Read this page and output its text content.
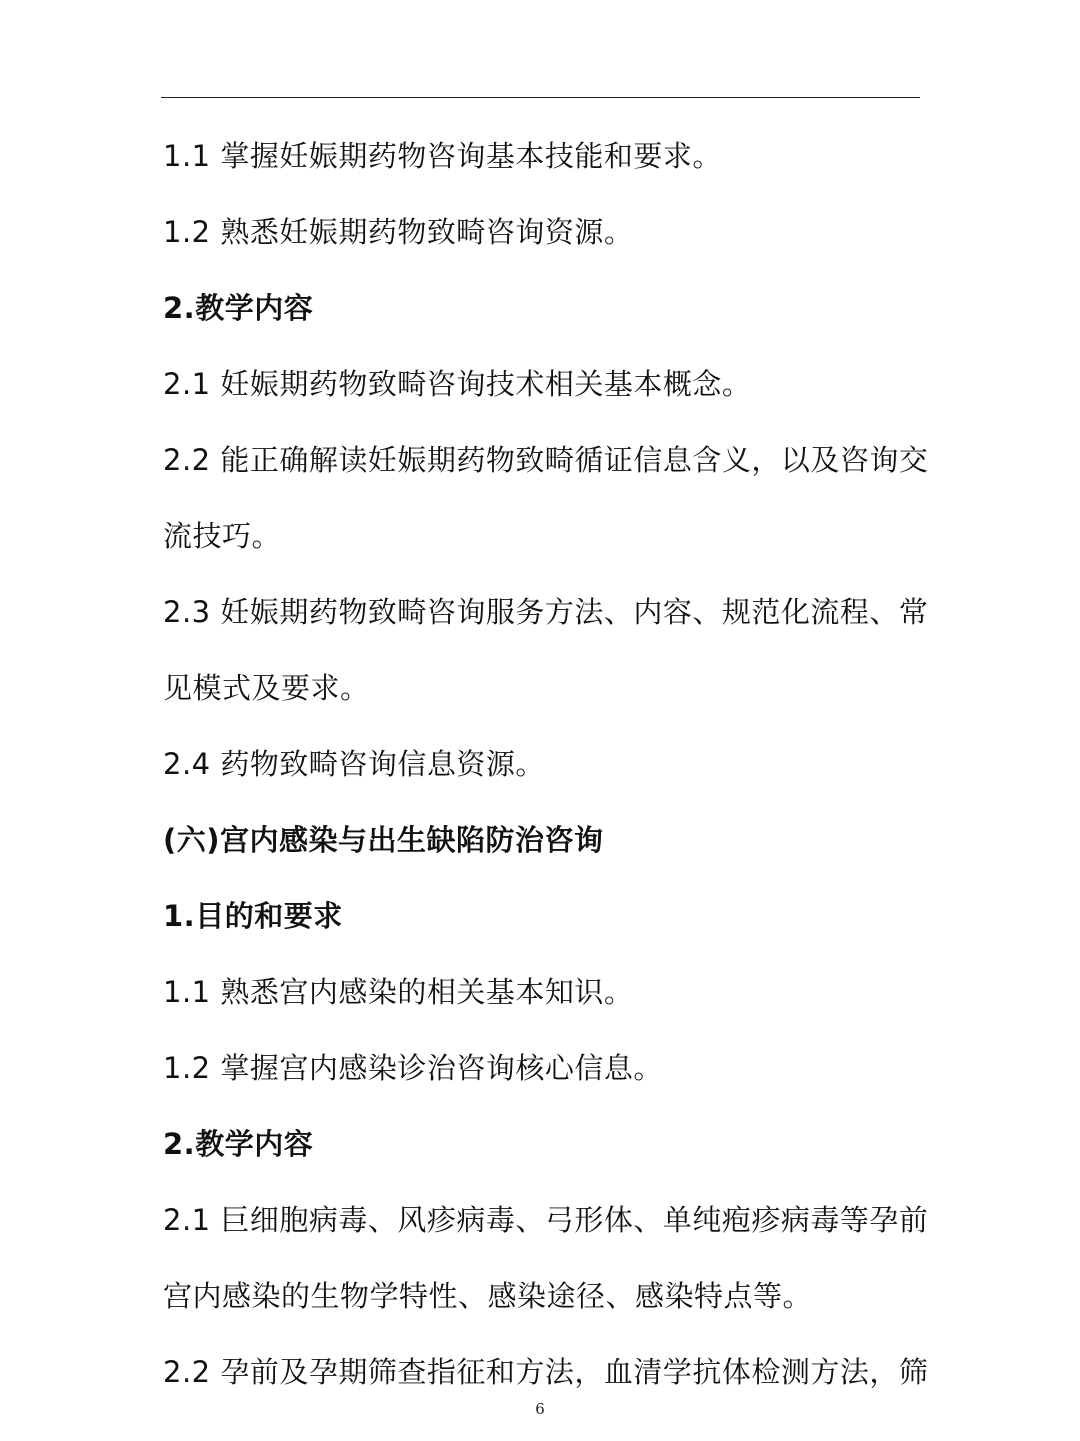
1.1 掌握妊娠期药物咨询基本技能和要求。
1.2 熟悉妊娠期药物致畸咨询资源。
2.教学内容
2.1 妊娠期药物致畸咨询技术相关基本概念。
2.2 能正确解读妊娠期药物致畸循证信息含义，以及咨询交
流技巧。
2.3 妊娠期药物致畸咨询服务方法、内容、规范化流程、常
见模式及要求。
2.4 药物致畸咨询信息资源。
(六)宫内感染与出生缺陷防治咨询
1.目的和要求
1.1 熟悉宫内感染的相关基本知识。
1.2 掌握宫内感染诊治咨询核心信息。
2.教学内容
2.1 巨细胞病毒、风疹病毒、弓形体、单纯疱疹病毒等孕前
宫内感染的生物学特性、感染途径、感染特点等。
2.2 孕前及孕期筛查指征和方法，血清学抗体检测方法，筛
6
